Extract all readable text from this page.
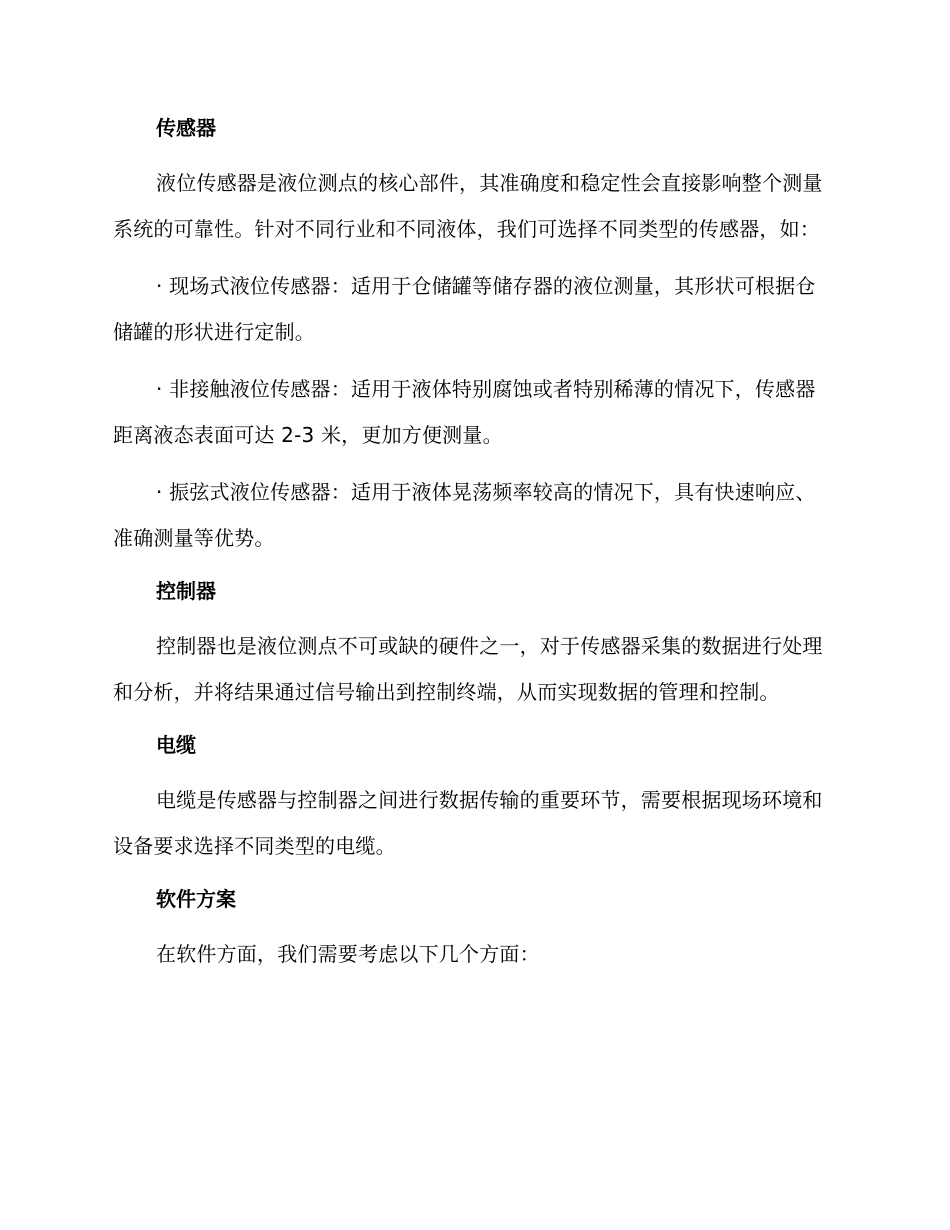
传感器

液位传感器是液位测点的核心部件，其准确度和稳定性会直接影响整个测量系统的可靠性。针对不同行业和不同液体，我们可选择不同类型的传感器，如：

· 现场式液位传感器：适用于仓储罐等储存器的液位测量，其形状可根据仓储罐的形状进行定制。

· 非接触液位传感器：适用于液体特别腐蚀或者特别稀薄的情况下，传感器距离液态表面可达 2-3 米，更加方便测量。

· 振弦式液位传感器：适用于液体晃荡频率较高的情况下，具有快速响应、准确测量等优势。

控制器

控制器也是液位测点不可或缺的硬件之一，对于传感器采集的数据进行处理和分析，并将结果通过信号输出到控制终端，从而实现数据的管理和控制。

电缆

电缆是传感器与控制器之间进行数据传输的重要环节，需要根据现场环境和设备要求选择不同类型的电缆。

软件方案

在软件方面，我们需要考虑以下几个方面：
